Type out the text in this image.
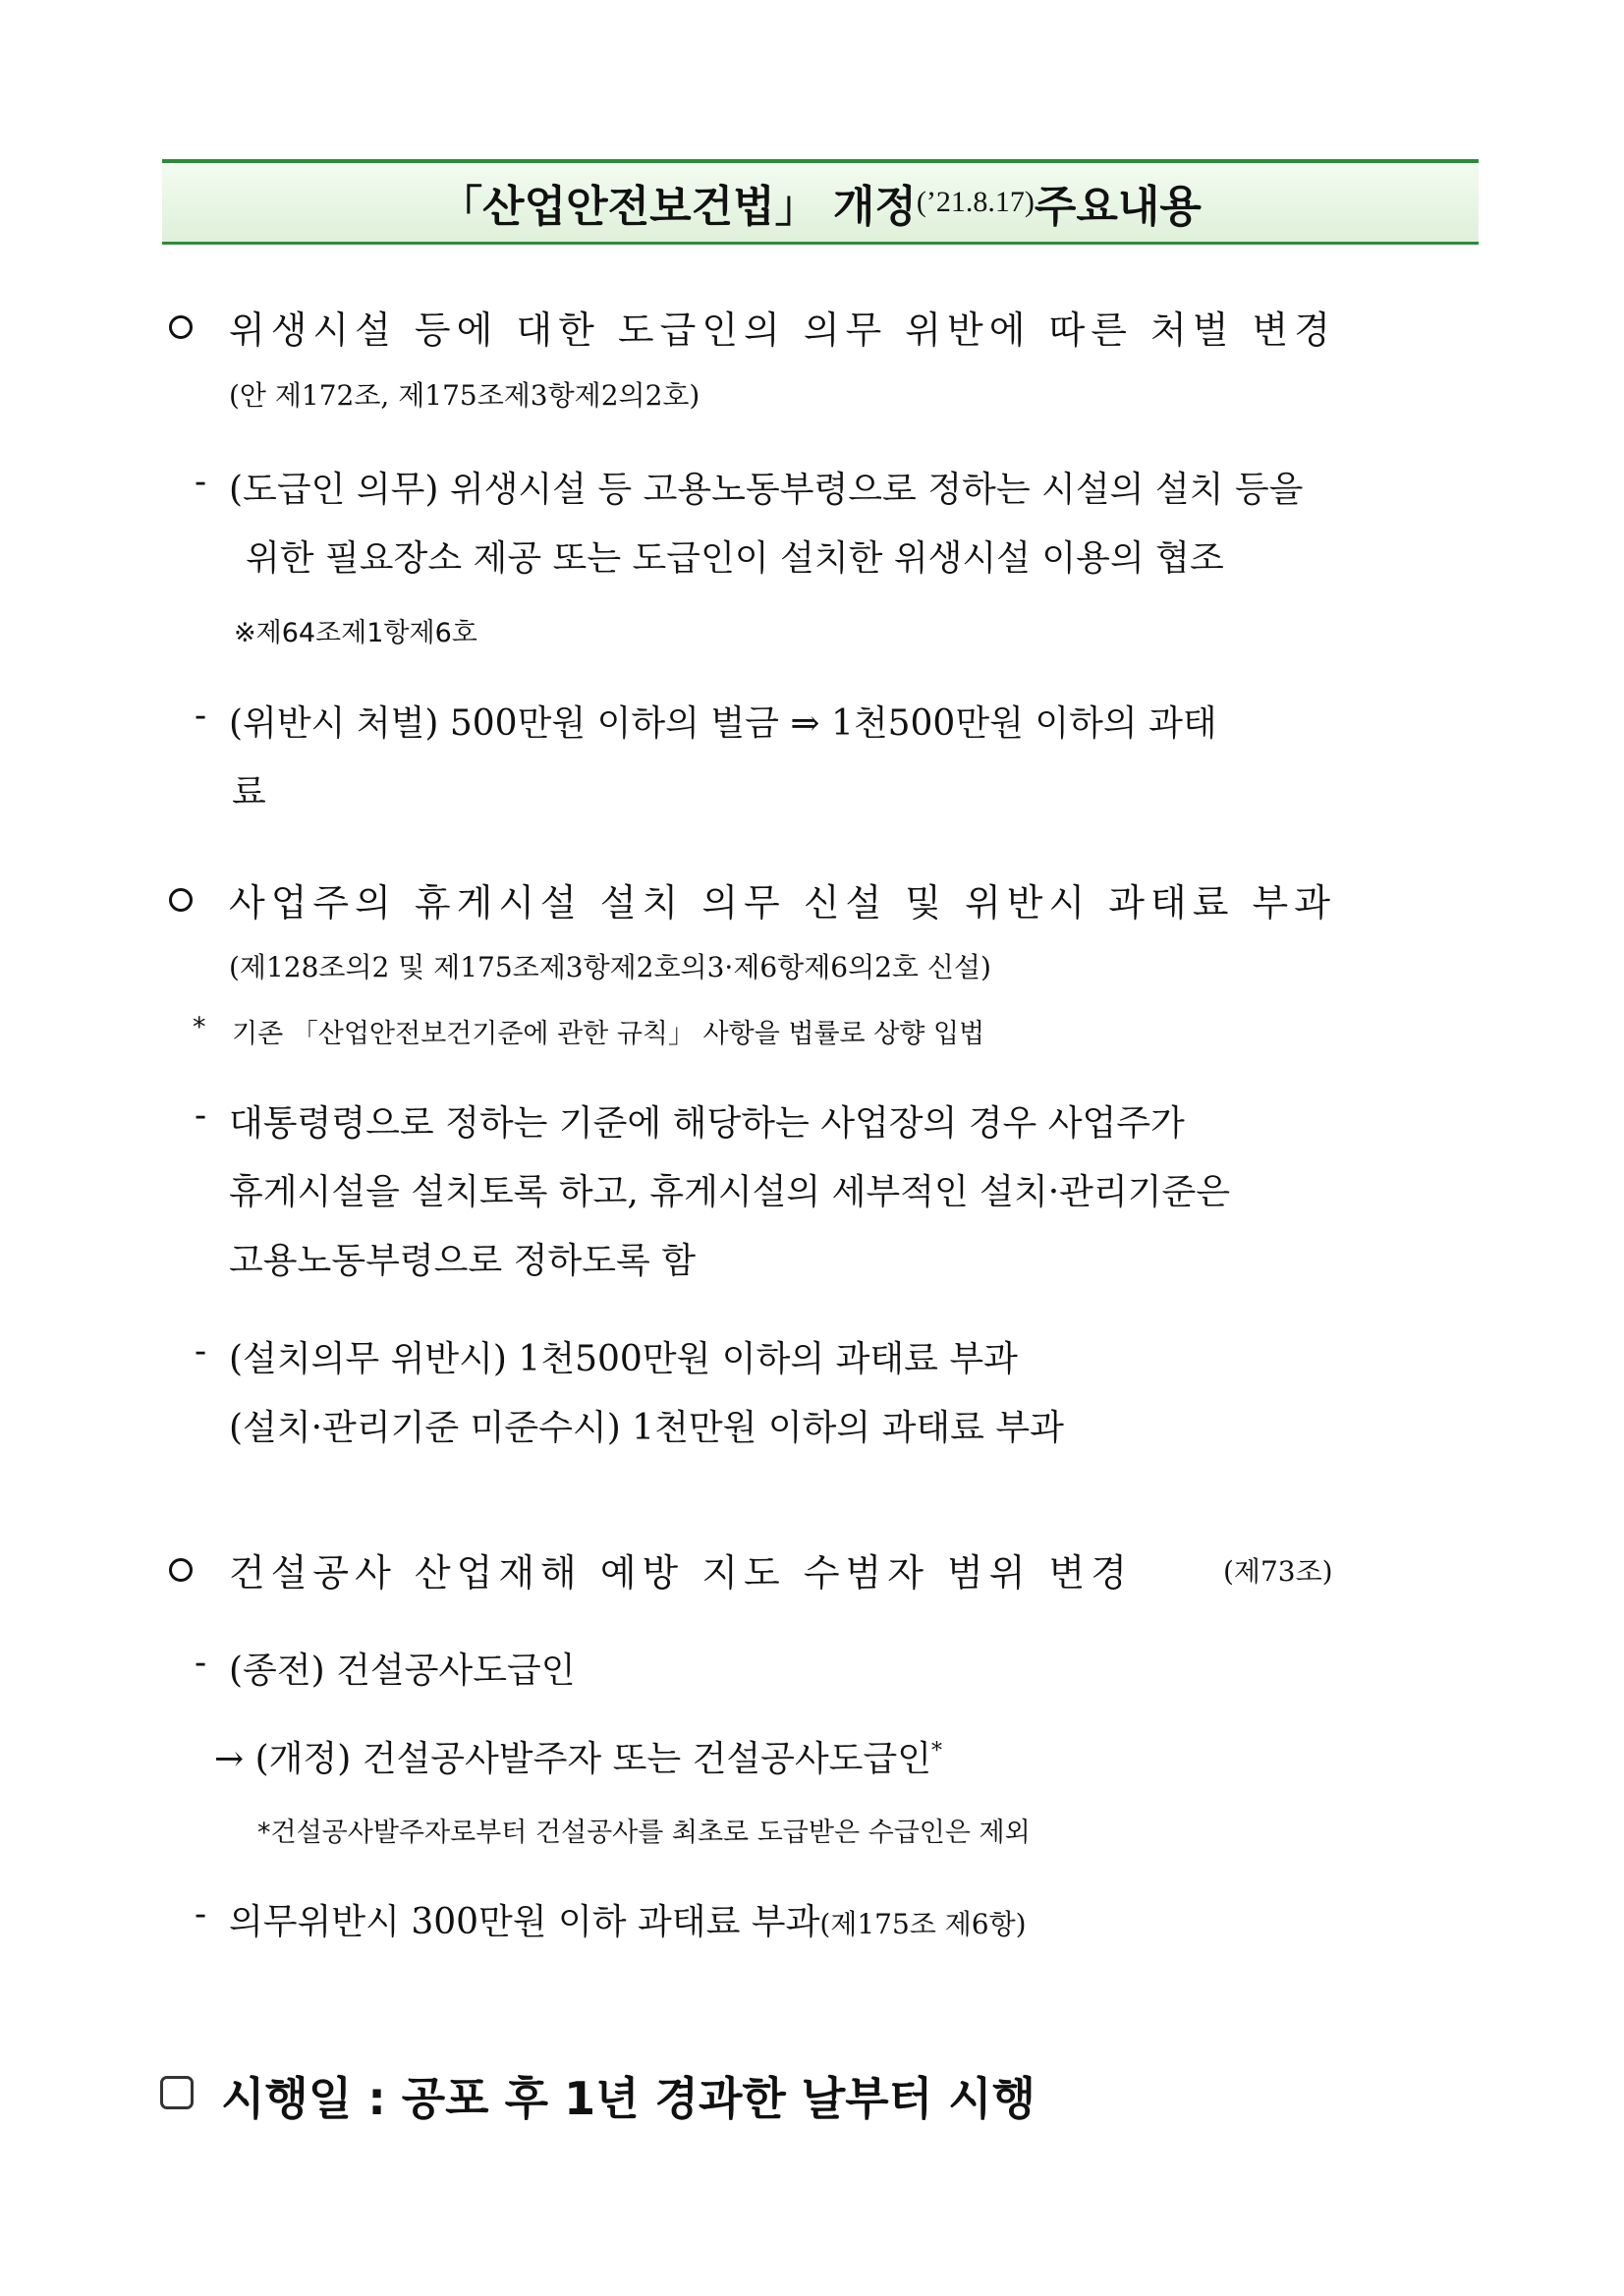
「산업안전보건법」 개정 (’21.8.17) 주요내용
위생시설 등에 대한 도급인의 의무 위반에 따른 처벌 변경
(안 제172조, 제175조제3항제2의2호)
- (도급인 의무) 위생시설 등 고용노동부령으로 정하는 시설의 설치 등을
위한 필요장소 제공 또는 도급인이 설치한 위생시설 이용의 협조
※제64조제1항제6호
- (위반시 처벌) 500만원 이하의 벌금 ⇒ 1천500만원 이하의 과태
료
사업주의 휴게시설 설치 의무 신설 및 위반시 과태료 부과
(제128조의2 및 제175조제3항제2호의3·제6항제6의2호 신설)
* 기존 「산업안전보건기준에 관한 규칙」 사항을 법률로 상향 입법
- 대통령령으로 정하는 기준에 해당하는 사업장의 경우 사업주가
휴게시설을 설치토록 하고, 휴게시설의 세부적인 설치·관리기준은
고용노동부령으로 정하도록 함
- (설치의무 위반시) 1천500만원 이하의 과태료 부과
(설치·관리기준 미준수시) 1천만원 이하의 과태료 부과
건설공사 산업재해 예방 지도 수범자 범위 변경	(제73조)
- (종전) 건설공사도급인
→ (개정) 건설공사발주자 또는 건설공사도급인*
*건설공사발주자로부터 건설공사를 최초로 도급받은 수급인은 제외
- 의무위반시 300만원 이하 과태료 부과(제175조 제6항)
시행일 : 공포 후 1년 경과한 날부터 시행
